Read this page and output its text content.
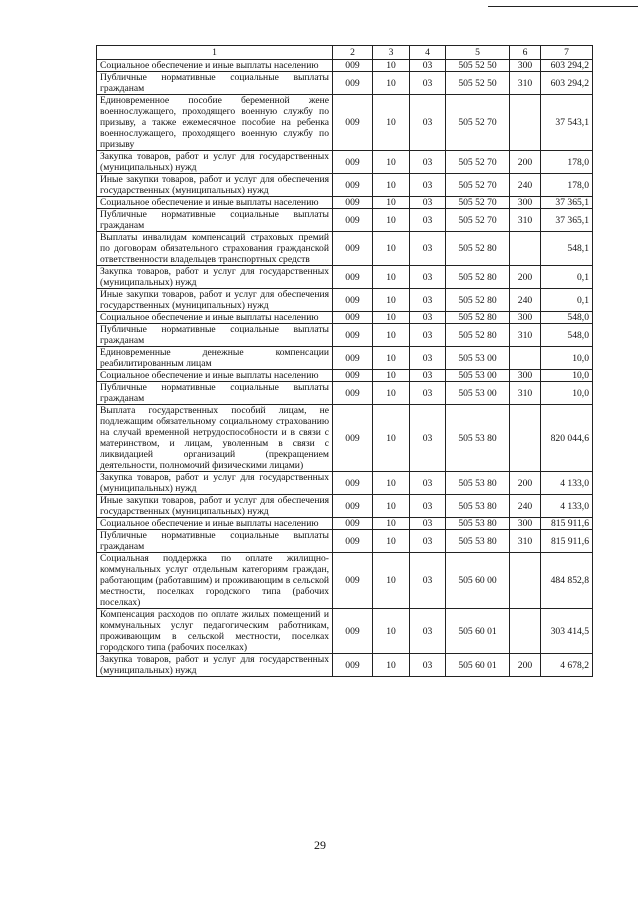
1	2	3	4	5	6	7
Социальное обеспечение и иные выплаты населению	009	10	03	505 52 50	300	603 294,2
Публичные нормативные социальные выплаты гражданам	009	10	03	505 52 50	310	603 294,2
Единовременное пособие беременной жене военнослужащего, проходящего военную службу по призыву, а также ежемесячное пособие на ребенка военнослужащего, проходящего военную службу по призыву	009	10	03	505 52 70		37 543,1
Закупка товаров, работ и услуг для государственных (муниципальных) нужд	009	10	03	505 52 70	200	178,0
Иные закупки товаров, работ и услуг для обеспечения государственных (муниципальных) нужд	009	10	03	505 52 70	240	178,0
Социальное обеспечение и иные выплаты населению	009	10	03	505 52 70	300	37 365,1
Публичные нормативные социальные выплаты гражданам	009	10	03	505 52 70	310	37 365,1
Выплаты инвалидам компенсаций страховых премий по договорам обязательного страхования гражданской ответственности владельцев транспортных средств	009	10	03	505 52 80		548,1
Закупка товаров, работ и услуг для государственных (муниципальных) нужд	009	10	03	505 52 80	200	0,1
Иные закупки товаров, работ и услуг для обеспечения государственных (муниципальных) нужд	009	10	03	505 52 80	240	0,1
Социальное обеспечение и иные выплаты населению	009	10	03	505 52 80	300	548,0
Публичные нормативные социальные выплаты гражданам	009	10	03	505 52 80	310	548,0
Единовременные денежные компенсации реабилитированным лицам	009	10	03	505 53 00		10,0
Социальное обеспечение и иные выплаты населению	009	10	03	505 53 00	300	10,0
Публичные нормативные социальные выплаты гражданам	009	10	03	505 53 00	310	10,0
Выплата государственных пособий лицам, не подлежащим обязательному социальному страхованию на случай временной нетрудоспособности и в связи с материнством, и лицам, уволенным в связи с ликвидацией организаций (прекращением деятельности, полномочий физическими лицами)	009	10	03	505 53 80		820 044,6
Закупка товаров, работ и услуг для государственных (муниципальных) нужд	009	10	03	505 53 80	200	4 133,0
Иные закупки товаров, работ и услуг для обеспечения государственных (муниципальных) нужд	009	10	03	505 53 80	240	4 133,0
Социальное обеспечение и иные выплаты населению	009	10	03	505 53 80	300	815 911,6
Публичные нормативные социальные выплаты гражданам	009	10	03	505 53 80	310	815 911,6
Социальная поддержка по оплате жилищно-коммунальных услуг отдельным категориям граждан, работающим (работавшим) и проживающим в сельской местности, поселках городского типа (рабочих поселках)	009	10	03	505 60 00		484 852,8
Компенсация расходов по оплате жилых помещений и коммунальных услуг педагогическим работникам, проживающим в сельской местности, поселках городского типа (рабочих поселках)	009	10	03	505 60 01		303 414,5
Закупка товаров, работ и услуг для государственных (муниципальных) нужд	009	10	03	505 60 01	200	4 678,2
29
